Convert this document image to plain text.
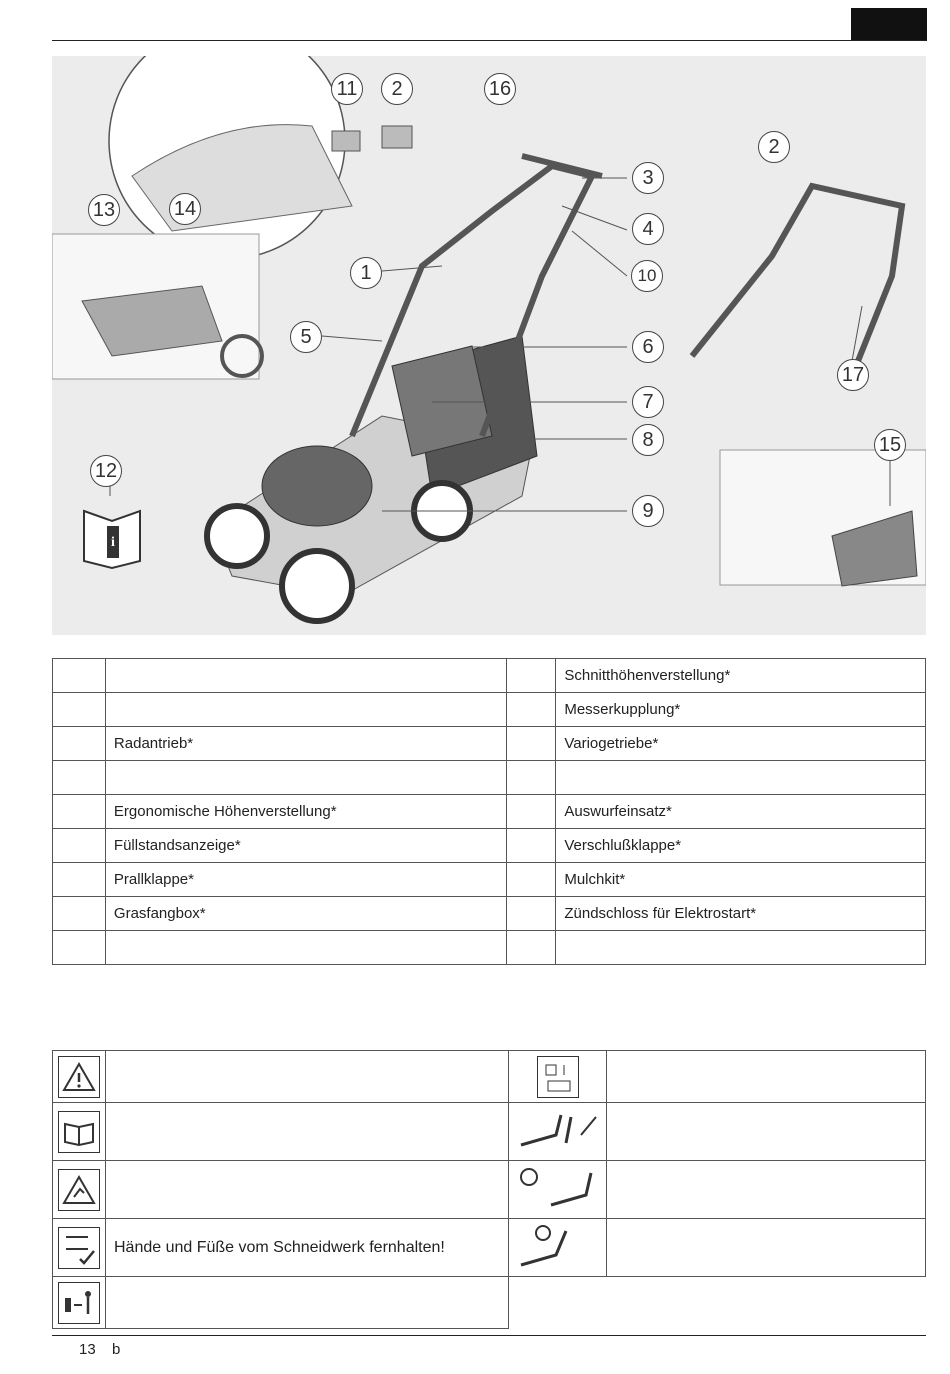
i
1
2
3
4
5	6
7
8
9
10
11
12
13	14
15
16
17
2
			Schnitthöhenverstellung*
			Messerkupplung*
	Radantrieb*		Variogetriebe*

	Ergonomische Höhenverstellung*		Auswurfeinsatz*
	Füllstandsanzeige*		Verschlußklappe*
	Prallklappe*		Mulchkit*
	Grasfangbox*		Zündschloss für Elektrostart*

	Hände und Füße vom Schneidwerk fernhalten!		

13 b
